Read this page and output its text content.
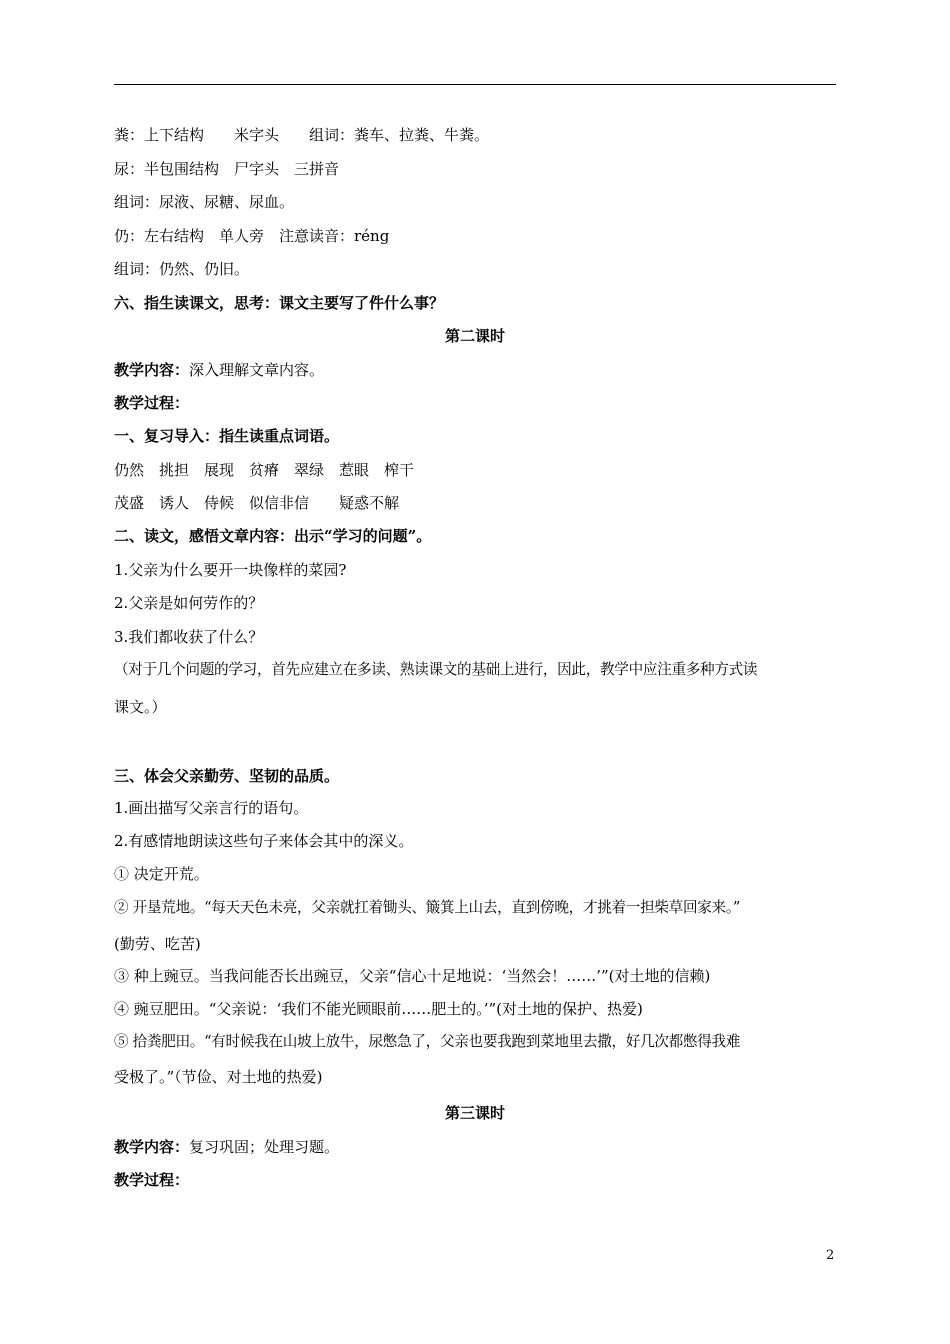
粪：上下结构　　米字头　　组词：粪车、拉粪、牛粪。
尿：半包围结构　尸字头　三拼音
组词：尿液、尿糖、尿血。
仍：左右结构　单人旁　注意读音：réng
组词：仍然、仍旧。
六、指生读课文，思考：课文主要写了件什么事？
第二课时
教学内容：深入理解文章内容。
教学过程：
一、复习导入：指生读重点词语。
仍然　挑担　展现　贫瘠　翠绿　惹眼　榨干
茂盛　诱人　侍候　似信非信　　疑惑不解
二、读文，感悟文章内容：出示“学习的问题”。
1.父亲为什么要开一块像样的菜园?
2.父亲是如何劳作的？
3.我们都收获了什么？
（对于几个问题的学习，首先应建立在多读、熟读课文的基础上进行，因此，教学中应注重多种方式读
课文。）
三、体会父亲勤劳、坚韧的品质。
1.画出描写父亲言行的语句。
2.有感情地朗读这些句子来体会其中的深义。
① 决定开荒。
② 开垦荒地。“每天天色未亮，父亲就扛着锄头、簸箕上山去，直到傍晚，才挑着一担柴草回家来。”
(勤劳、吃苦)
③ 种上豌豆。当我问能否长出豌豆，父亲“信心十足地说：‘当然会！……’”(对土地的信赖)
④ 豌豆肥田。“父亲说：‘我们不能光顾眼前……肥土的。’”(对土地的保护、热爱)
⑤ 拾粪肥田。“有时候我在山坡上放牛，尿憋急了，父亲也要我跑到菜地里去撒，好几次都憋得我难
受极了。”（节俭、对土地的热爱)
第三课时
教学内容：复习巩固；处理习题。
教学过程：
2
